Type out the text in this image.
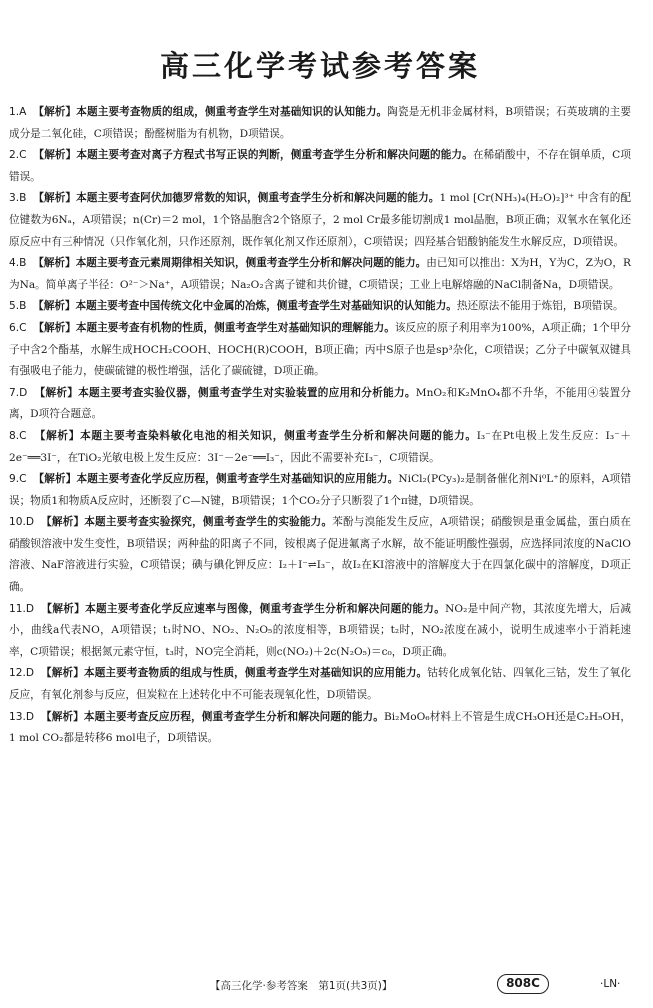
高三化学考试参考答案
1.A 【解析】本题主要考查物质的组成，侧重考查学生对基础知识的认知能力。陶瓷是无机非金属材料，B项错误；石英玻璃的主要成分是二氧化硅，C项错误；酚醛树脂为有机物，D项错误。
2.C 【解析】本题主要考查对离子方程式书写正误的判断，侧重考查学生分析和解决问题的能力。在稀硝酸中，不存在铜单质，C项错误。
3.B 【解析】本题主要考查阿伏加德罗常数的知识，侧重考查学生分析和解决问题的能力。1 mol [Cr(NH₃)₄(H₂O)₂]³⁺ 中含有的配位键数为6Nₐ，A项错误；n(Cr)＝2 mol，1个铬晶胞含2个铬原子，2 mol Cr最多能切割成1 mol晶胞，B项正确；双氧水在氧化还原反应中有三种情况（只作氧化剂，只作还原剂，既作氧化剂又作还原剂），C项错误；四羟基合铝酸钠能发生水解反应，D项错误。
4.B 【解析】本题主要考查元素周期律相关知识，侧重考查学生分析和解决问题的能力。由已知可以推出：X为H，Y为C，Z为O，R为Na。简单离子半径：O²⁻＞Na⁺，A项错误；Na₂O₂含离子键和共价键，C项错误；工业上电解熔融的NaCl制备Na，D项错误。
5.B 【解析】本题主要考查中国传统文化中金属的冶炼，侧重考查学生对基础知识的认知能力。热还原法不能用于炼铝，B项错误。
6.C 【解析】本题主要考查有机物的性质，侧重考查学生对基础知识的理解能力。该反应的原子利用率为100%，A项正确；1个甲分子中含2个酯基，水解生成HOCH₂COOH、HOCH(R)COOH，B项正确；丙中S原子也是sp³杂化，C项错误；乙分子中碳氧双键具有强吸电子能力，使碳硫键的极性增强，活化了碳硫键，D项正确。
7.D 【解析】本题主要考查实验仪器，侧重考查学生对实验装置的应用和分析能力。MnO₂和K₂MnO₄都不升华，不能用④装置分离，D项符合题意。
8.C 【解析】本题主要考查染料敏化电池的相关知识，侧重考查学生分析和解决问题的能力。I₃⁻在Pt电极上发生反应：I₃⁻＋2e⁻══3I⁻，在TiO₂光敏电极上发生反应：3I⁻－2e⁻══I₃⁻，因此不需要补充I₃⁻，C项错误。
9.C 【解析】本题主要考查化学反应历程，侧重考查学生对基础知识的应用能力。NiCl₂(PCy₃)₂是制备催化剂Ni⁰L⁺的原料，A项错误；物质1和物质A反应时，还断裂了C—N键，B项错误；1个CO₂分子只断裂了1个π键，D项错误。
10.D 【解析】本题主要考查实验探究，侧重考查学生的实验能力。苯酚与溴能发生反应，A项错误；硝酸钡是重金属盐，蛋白质在硝酸钡溶液中发生变性，B项错误；两种盐的阳离子不同，铵根离子促进氟离子水解，故不能证明酸性强弱，应选择同浓度的NaClO溶液、NaF溶液进行实验，C项错误；碘与碘化钾反应：I₂＋I⁻⇌I₃⁻，故I₂在KI溶液中的溶解度大于在四氯化碳中的溶解度，D项正确。
11.D 【解析】本题主要考查化学反应速率与图像，侧重考查学生分析和解决问题的能力。NO₂是中间产物，其浓度先增大，后减小，曲线a代表NO，A项错误；t₁时NO、NO₂、N₂O₅的浓度相等，B项错误；t₂时，NO₂浓度在减小，说明生成速率小于消耗速率，C项错误；根据氮元素守恒，t₃时，NO完全消耗，则c(NO₂)＋2c(N₂O₅)＝c₀，D项正确。
12.D 【解析】本题主要考查物质的组成与性质，侧重考查学生对基础知识的应用能力。钴转化成氧化钴、四氧化三钴，发生了氧化反应，有氧化剂参与反应，但炭粒在上述转化中不可能表现氧化性，D项错误。
13.D 【解析】本题主要考查反应历程，侧重考查学生分析和解决问题的能力。Bi₂MoO₆材料上不管是生成CH₃OH还是C₂H₅OH，1 mol CO₂都是转移6 mol电子，D项错误。
【高三化学·参考答案　第1页(共3页)】	808C	·LN·
